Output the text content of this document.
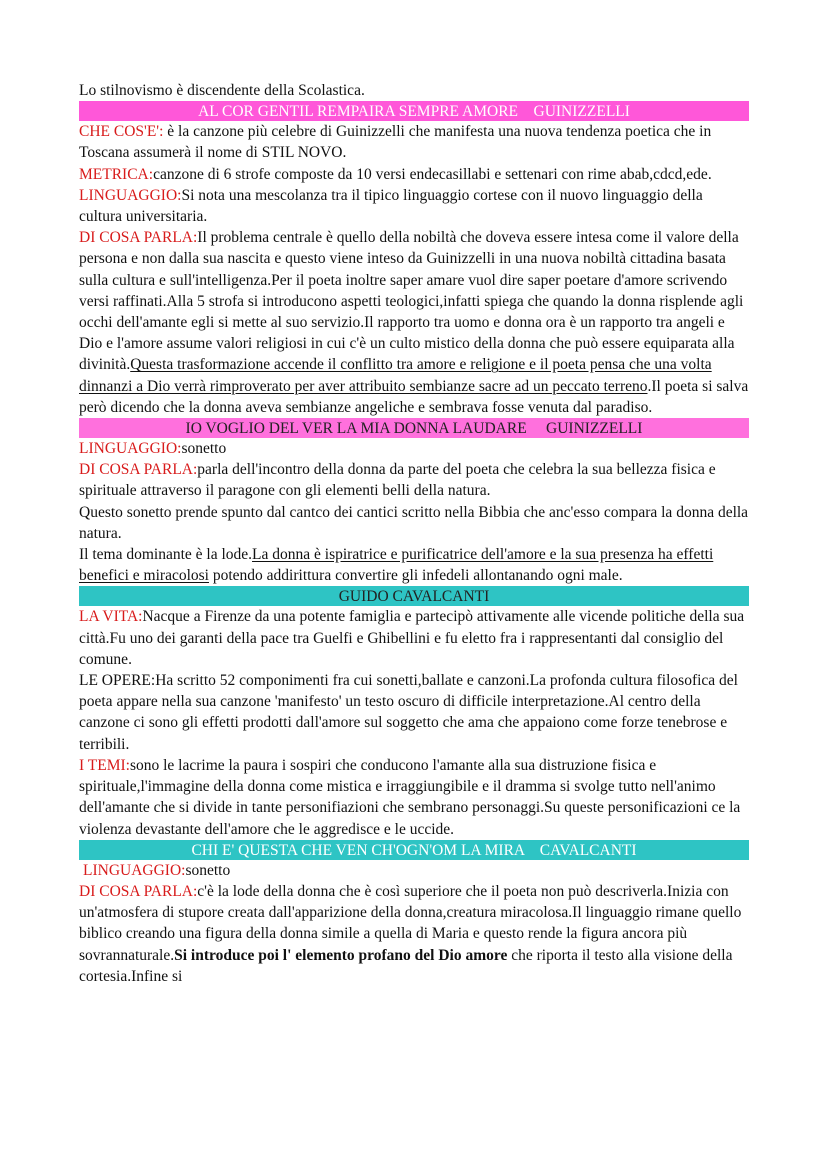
Lo stilnovismo è discendente della Scolastica.

AL COR GENTIL REMPAIRA SEMPRE AMORE    GUINIZZELLI

CHE COS'E': è la canzone più celebre di Guinizzelli che manifesta una nuova tendenza poetica che in Toscana assumerà il nome di STIL NOVO.

METRICA:canzone di 6 strofe composte da 10 versi endecasillabi e settenari con rime abab,cdcd,ede.

LINGUAGGIO:Si nota una mescolanza tra il tipico linguaggio cortese con il nuovo linguaggio della cultura universitaria.

DI COSA PARLA:Il problema centrale è quello della nobiltà che doveva essere intesa come il valore della persona e non dalla sua nascita e questo viene inteso da Guinizzelli in una nuova nobiltà cittadina basata sulla cultura e sull'intelligenza.Per il poeta inoltre saper amare vuol dire saper poetare d'amore scrivendo versi raffinati.Alla 5 strofa si introducono aspetti teologici,infatti spiega che quando la donna risplende agli occhi dell'amante egli si mette al suo servizio.Il rapporto tra uomo e donna ora è un rapporto tra angeli e Dio e l'amore assume valori religiosi in cui c'è un culto mistico della donna che può essere equiparata alla divinità.Questa trasformazione accende il conflitto tra amore e religione e il poeta pensa che una volta dinnanzi a Dio verrà rimproverato per aver attribuito sembianze sacre ad un peccato terreno.Il poeta si salva però dicendo che la donna aveva sembianze angeliche e sembrava fosse venuta dal paradiso.

IO VOGLIO DEL VER LA MIA DONNA LAUDARE     GUINIZZELLI

LINGUAGGIO:sonetto

DI COSA PARLA:parla dell'incontro della donna da parte del poeta che celebra la sua bellezza fisica e spirituale attraverso il paragone con gli elementi belli della natura.

Questo sonetto prende spunto dal cantco dei cantici scritto nella Bibbia che anc'esso compara la donna della natura.

Il tema dominante è la lode.La donna è ispiratrice e purificatrice dell'amore e la sua presenza ha effetti benefici e miracolosi potendo addirittura convertire gli infedeli allontanando ogni male.

GUIDO CAVALCANTI

LA VITA:Nacque a Firenze da una potente famiglia e partecipò attivamente alle vicende politiche della sua città.Fu uno dei garanti della pace tra Guelfi e Ghibellini e fu eletto fra i rappresentanti dal consiglio del comune.

LE OPERE:Ha scritto 52 componimenti fra cui sonetti,ballate e canzoni.La profonda cultura filosofica del poeta appare nella sua canzone 'manifesto' un testo oscuro di difficile interpretazione.Al centro della canzone ci sono gli effetti prodotti dall'amore sul soggetto che ama che appaiono come forze tenebrose e terribili.

I TEMI:sono le lacrime la paura i sospiri che conducono l'amante alla sua distruzione fisica e spirituale,l'immagine della donna come mistica e irraggiungibile e il dramma si svolge tutto nell'animo dell'amante che si divide in tante personifiazioni che sembrano personaggi.Su queste personificazioni ce la violenza devastante dell'amore che le aggredisce e le uccide.

CHI E' QUESTA CHE VEN CH'OGN'OM LA MIRA    CAVALCANTI

LINGUAGGIO:sonetto

DI COSA PARLA:c'è la lode della donna che è così superiore che il poeta non può descriverla.Inizia con un'atmosfera di stupore creata dall'apparizione della donna,creatura miracolosa.Il linguaggio rimane quello biblico creando una figura della donna simile a quella di Maria e questo rende la figura ancora più sovrannaturale.Si introduce poi l' elemento profano del Dio amore che riporta il testo alla visione della cortesia.Infine si
